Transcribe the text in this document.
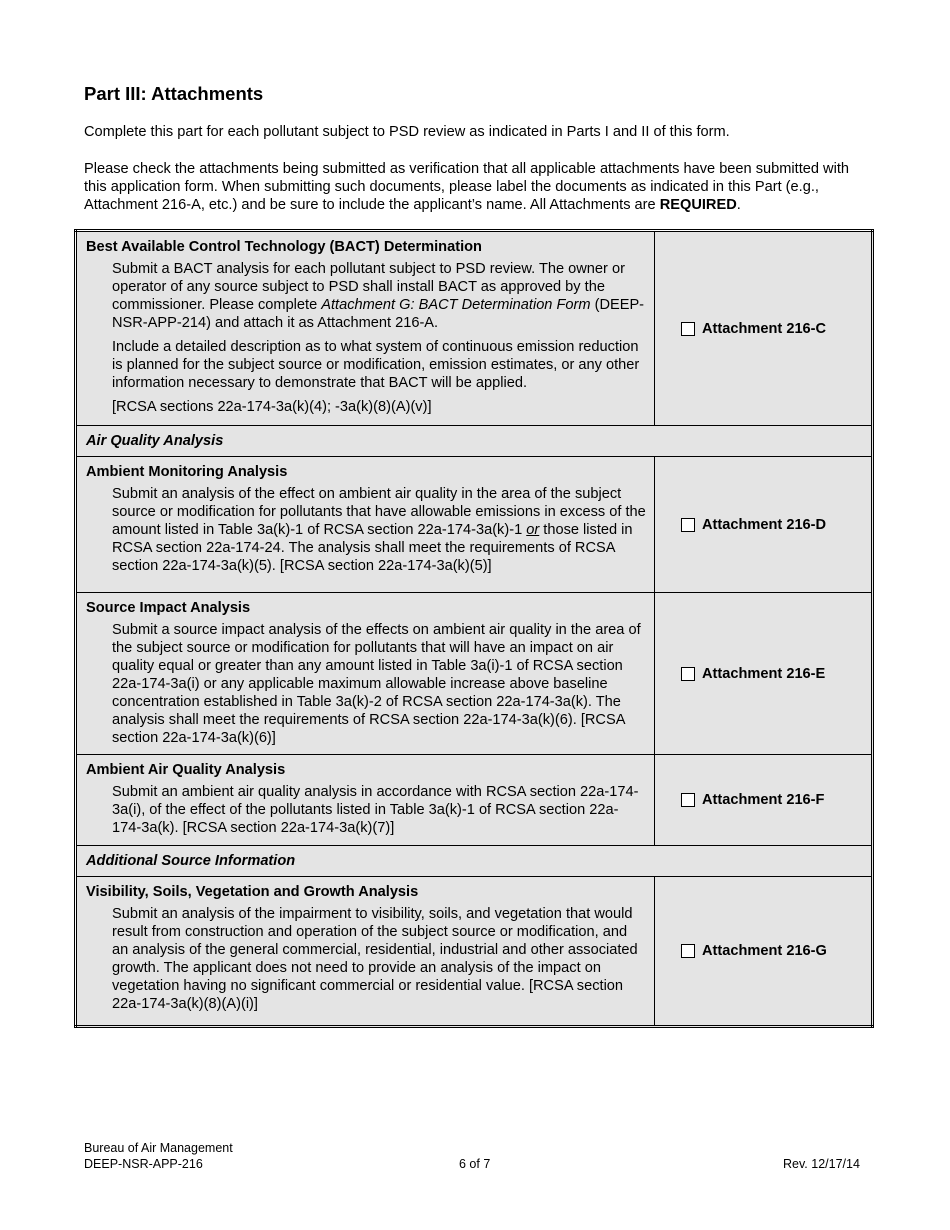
Part III: Attachments

Complete this part for each pollutant subject to PSD review as indicated in Parts I and II of this form.

Please check the attachments being submitted as verification that all applicable attachments have been submitted with this application form. When submitting such documents, please label the documents as indicated in this Part (e.g., Attachment 216-A, etc.) and be sure to include the applicant’s name. All Attachments are REQUIRED.

Best Available Control Technology (BACT) Determination
Submit a BACT analysis for each pollutant subject to PSD review. The owner or operator of any source subject to PSD shall install BACT as approved by the commissioner. Please complete Attachment G: BACT Determination Form (DEEP-NSR-APP-214) and attach it as Attachment 216-A.
Include a detailed description as to what system of continuous emission reduction is planned for the subject source or modification, emission estimates, or any other information necessary to demonstrate that BACT will be applied.
[RCSA sections 22a-174-3a(k)(4); -3a(k)(8)(A)(v)]	Attachment 216-C

Air Quality Analysis	

Ambient Monitoring Analysis
Submit an analysis of the effect on ambient air quality in the area of the subject source or modification for pollutants that have allowable emissions in excess of the amount listed in Table 3a(k)-1 of RCSA section 22a-174-3a(k)-1 or those listed in RCSA section 22a-174-24. The analysis shall meet the requirements of RCSA section 22a-174-3a(k)(5). [RCSA section 22a-174-3a(k)(5)]	Attachment 216-D

Source Impact Analysis
Submit a source impact analysis of the effects on ambient air quality in the area of the subject source or modification for pollutants that will have an impact on air quality equal or greater than any amount listed in Table 3a(i)-1 of RCSA section 22a-174-3a(i) or any applicable maximum allowable increase above baseline concentration established in Table 3a(k)-2 of RCSA section 22a-174-3a(k). The analysis shall meet the requirements of RCSA section 22a-174-3a(k)(6). [RCSA section 22a-174-3a(k)(6)]	Attachment 216-E

Ambient Air Quality Analysis
Submit an ambient air quality analysis in accordance with RCSA section 22a-174-3a(i), of the effect of the pollutants listed in Table 3a(k)-1 of RCSA section 22a-174-3a(k). [RCSA section 22a-174-3a(k)(7)]	Attachment 216-F

Additional Source Information	

Visibility, Soils, Vegetation and Growth Analysis
Submit an analysis of the impairment to visibility, soils, and vegetation that would result from construction and operation of the subject source or modification, and an analysis of the general commercial, residential, industrial and other associated growth. The applicant does not need to provide an analysis of the impact on vegetation having no significant commercial or residential value. [RCSA section 22a-174-3a(k)(8)(A)(i)]	Attachment 216-G
Bureau of Air Management
DEEP-NSR-APP-216	6 of 7	Rev. 12/17/14
